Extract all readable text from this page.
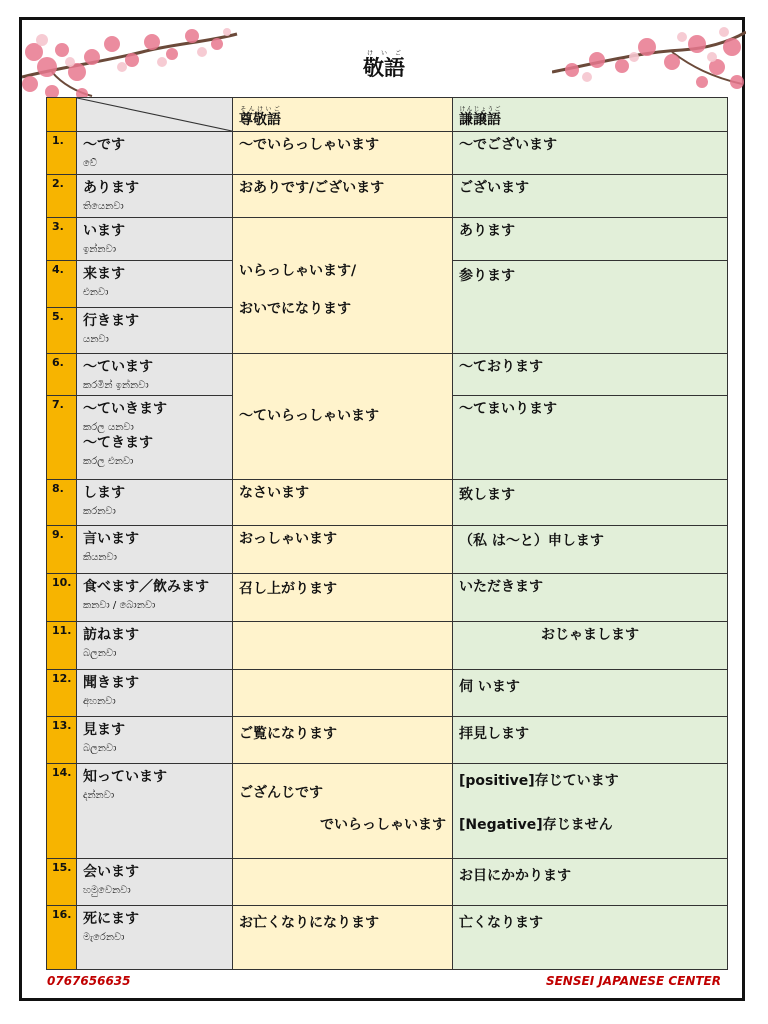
敬語けいご

	尊敬語そんけいご	謙譲語けんじょうご
1.	〜です
වේ	〜でいらっしゃいます	〜でございます

2.	あります
තියෙනවා	おありです/ございます	ございます

3.	います
ඉන්නවා	いらっしゃいます/
おいでになります	あります

4.	来ます
එනවා		参ります

5.	行きます
යනවා		

6.	〜ています
කරමින් ඉන්නවා	〜ていらっしゃいます	〜ております

7.	〜ていきます
කරල යනවා
〜てきます
කරල එනවා		〜てまいります

8.	します
කරනවා	なさいます	致します

9.	言います
කියනවා	おっしゃいます	（私 は〜と）申します

10.	食べます／飲みます
කනවා / බොනවා	召し上がります	いただきます

11.	訪ねます
බලනවා		おじゃまします

12.	聞きます
අහනවා		伺 います

13.	見ます
බලනවා	ご覧になります	拝見します

14.	知っています
දන්නවා	ござんじです
でいらっしゃいます	[positive]存じています
[Negative]存じません

15.	会います
හමුවෙනවා		お目にかかります

16.	死にます
මැරෙනවා	お亡くなりになります	亡くなります
0767656635	SENSEI JAPANESE CENTER
